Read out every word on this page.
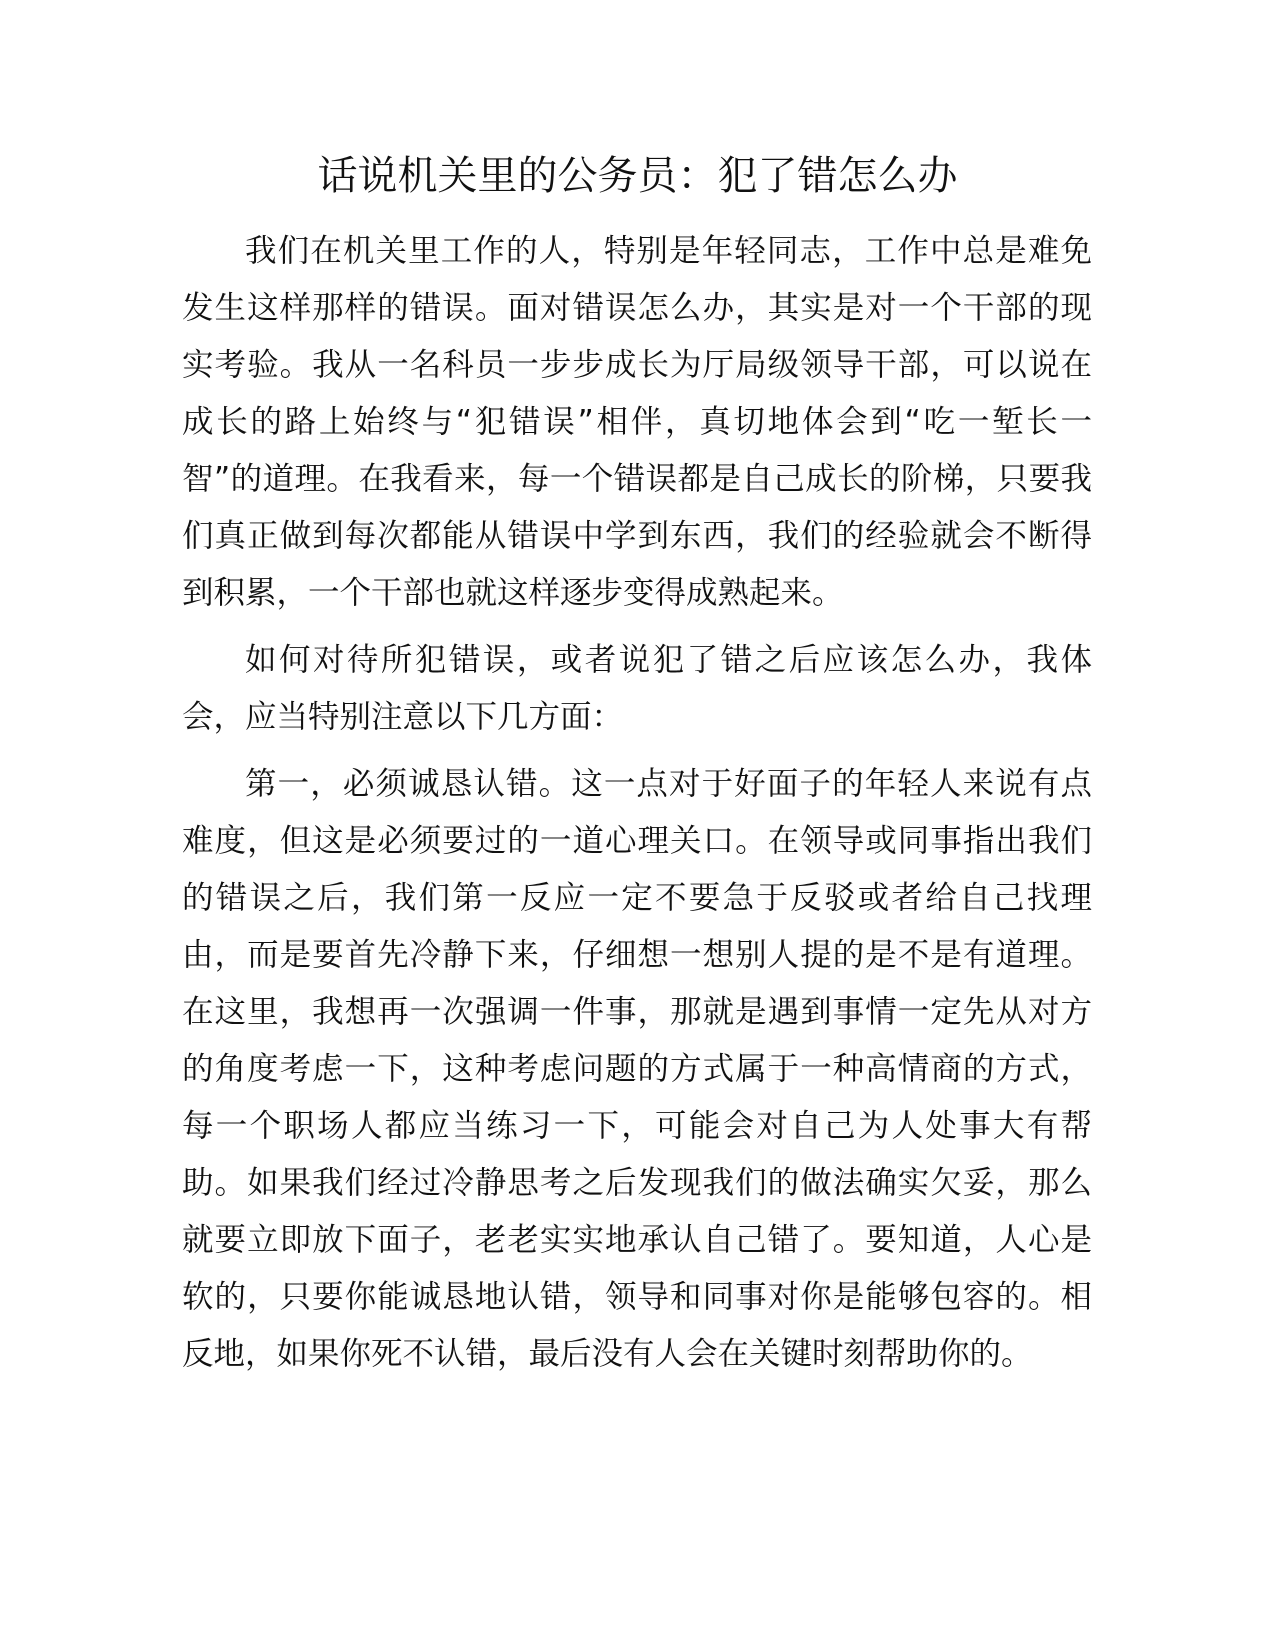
话说机关里的公务员：犯了错怎么办

我们在机关里工作的人，特别是年轻同志，工作中总是难免发生这样那样的错误。面对错误怎么办，其实是对一个干部的现实考验。我从一名科员一步步成长为厅局级领导干部，可以说在成长的路上始终与“犯错误”相伴，真切地体会到“吃一堑长一智”的道理。在我看来，每一个错误都是自己成长的阶梯，只要我们真正做到每次都能从错误中学到东西，我们的经验就会不断得到积累，一个干部也就这样逐步变得成熟起来。

如何对待所犯错误，或者说犯了错之后应该怎么办，我体会，应当特别注意以下几方面：

第一，必须诚恳认错。这一点对于好面子的年轻人来说有点难度，但这是必须要过的一道心理关口。在领导或同事指出我们的错误之后，我们第一反应一定不要急于反驳或者给自己找理由，而是要首先冷静下来，仔细想一想别人提的是不是有道理。在这里，我想再一次强调一件事，那就是遇到事情一定先从对方的角度考虑一下，这种考虑问题的方式属于一种高情商的方式，每一个职场人都应当练习一下，可能会对自己为人处事大有帮助。如果我们经过冷静思考之后发现我们的做法确实欠妥，那么就要立即放下面子，老老实实地承认自己错了。要知道，人心是软的，只要你能诚恳地认错，领导和同事对你是能够包容的。相反地，如果你死不认错，最后没有人会在关键时刻帮助你的。
